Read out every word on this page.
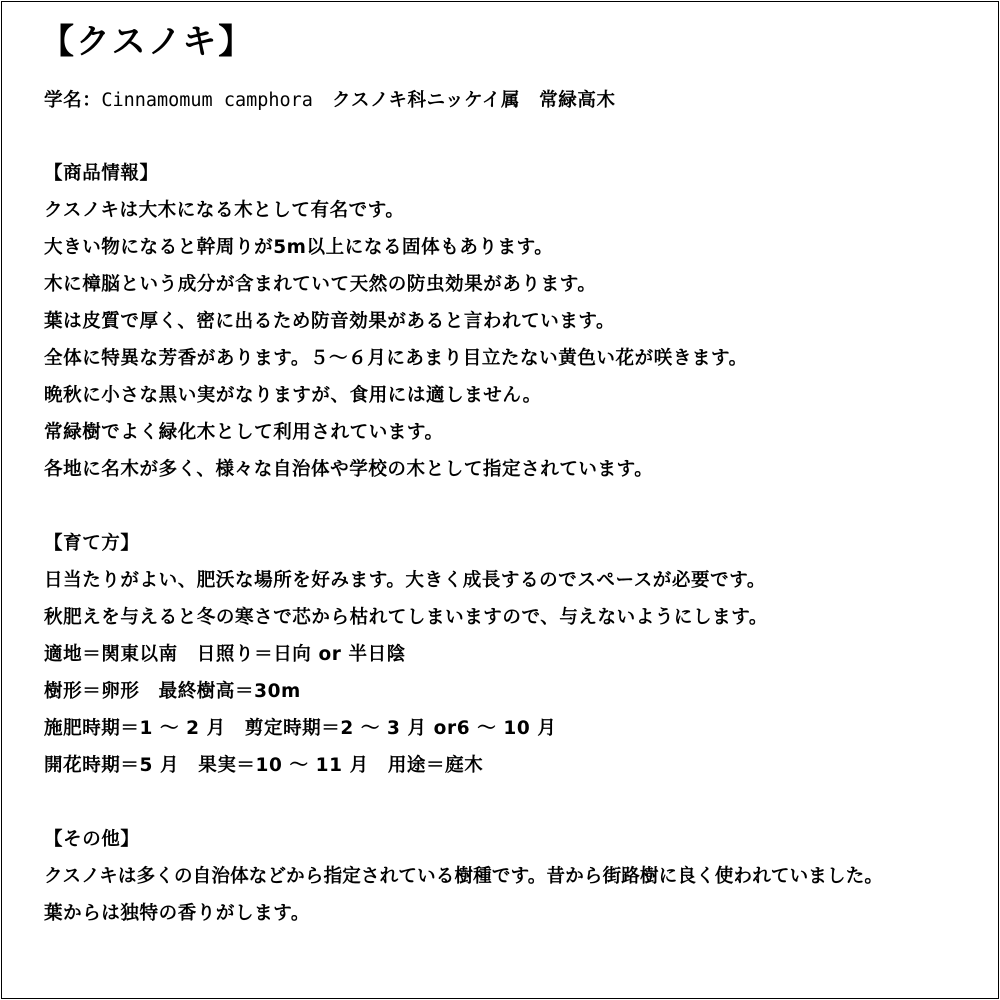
【クスノキ】
学名：Cinnamomum camphora　クスノキ科ニッケイ属　常緑高木
【商品情報】
クスノキは大木になる木として有名です。
大きい物になると幹周りが5m以上になる固体もあります。
木に樟脳という成分が含まれていて天然の防虫効果があります。
葉は皮質で厚く、密に出るため防音効果があると言われています。
全体に特異な芳香があります。５～６月にあまり目立たない黄色い花が咲きます。
晩秋に小さな黒い実がなりますが、食用には適しません。
常緑樹でよく緑化木として利用されています。
各地に名木が多く、様々な自治体や学校の木として指定されています。
【育て方】
日当たりがよい、肥沃な場所を好みます。大きく成長するのでスペースが必要です。
秋肥えを与えると冬の寒さで芯から枯れてしまいますので、与えないようにします。
適地＝関東以南　日照り＝日向 or 半日陰
樹形＝卵形　最終樹高＝30m
施肥時期＝1 ～ 2 月　剪定時期＝2 ～ 3 月 or6 ～ 10 月
開花時期＝5 月　果実＝10 ～ 11 月　用途＝庭木
【その他】
クスノキは多くの自治体などから指定されている樹種です。昔から街路樹に良く使われていました。
葉からは独特の香りがします。
